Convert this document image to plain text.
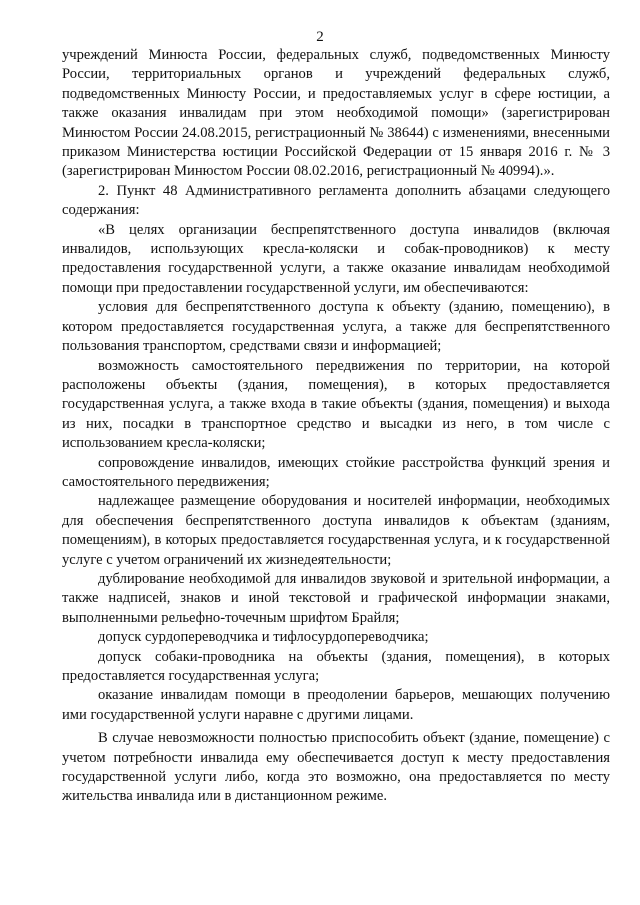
2

учреждений Минюста России, федеральных служб, подведомственных Минюсту России, территориальных органов и учреждений федеральных служб, подведомственных Минюсту России, и предоставляемых услуг в сфере юстиции, а также оказания инвалидам при этом необходимой помощи» (зарегистрирован Минюстом России 24.08.2015, регистрационный № 38644) с изменениями, внесенными приказом Министерства юстиции Российской Федерации от 15 января 2016 г. № 3 (зарегистрирован Минюстом России 08.02.2016, регистрационный № 40994).».

2. Пункт 48 Административного регламента дополнить абзацами следующего содержания:

«В целях организации беспрепятственного доступа инвалидов (включая инвалидов, использующих кресла-коляски и собак-проводников) к месту предоставления государственной услуги, а также оказание инвалидам необходимой помощи при предоставлении государственной услуги, им обеспечиваются:

условия для беспрепятственного доступа к объекту (зданию, помещению), в котором предоставляется государственная услуга, а также для беспрепятственного пользования транспортом, средствами связи и информацией;

возможность самостоятельного передвижения по территории, на которой расположены объекты (здания, помещения), в которых предоставляется государственная услуга, а также входа в такие объекты (здания, помещения) и выхода из них, посадки в транспортное средство и высадки из него, в том числе с использованием кресла-коляски;

сопровождение инвалидов, имеющих стойкие расстройства функций зрения и самостоятельного передвижения;

надлежащее размещение оборудования и носителей информации, необходимых для обеспечения беспрепятственного доступа инвалидов к объектам (зданиям, помещениям), в которых предоставляется государственная услуга, и к государственной услуге с учетом ограничений их жизнедеятельности;

дублирование необходимой для инвалидов звуковой и зрительной информации, а также надписей, знаков и иной текстовой и графической информации знаками, выполненными рельефно-точечным шрифтом Брайля;

допуск сурдопереводчика и тифлосурдопереводчика;

допуск собаки-проводника на объекты (здания, помещения), в которых предоставляется государственная услуга;

оказание инвалидам помощи в преодолении барьеров, мешающих получению ими государственной услуги наравне с другими лицами.

В случае невозможности полностью приспособить объект (здание, помещение) с учетом потребности инвалида ему обеспечивается доступ к месту предоставления государственной услуги либо, когда это возможно, она предоставляется по месту жительства инвалида или в дистанционном режиме.
